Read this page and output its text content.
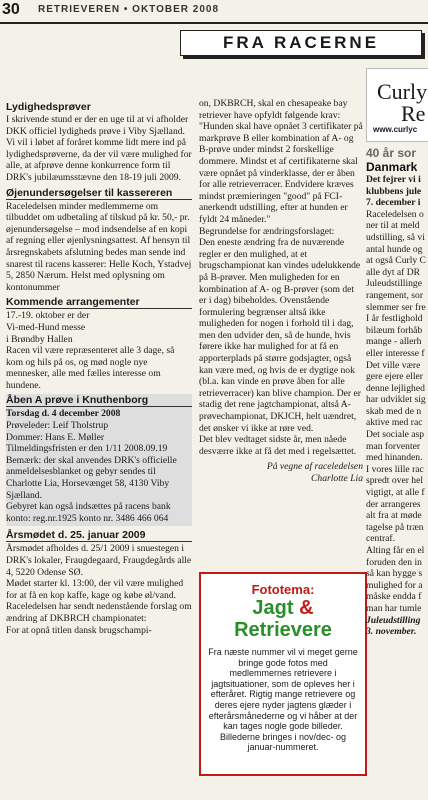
30 RETRIEVEREN • OKTOBER 2008
FRA RACERNE
Lydighedsprøver

I skrivende stund er der en uge til at vi afholder DKK officiel lydigheds prøve i Viby Sjælland.

Vi vil i løbet af foråret komme lidt mere ind på lydighedsprøverne, da der vil være mulighed for alle, at afprøve denne konkurrence form til DRK's jubilæumsstævne den 18-19 juli 2009.

Øjenundersøgelser til kassereren

Raceledelsen minder medlemmerne om tilbuddet om udbetaling af tilskud på kr. 50,- pr. øjenundersøgelse – mod indsendelse af en kopi af regning eller øjenlysningsattest. Af hensyn til årsregnskabets afslutning bedes man sende ind snarest til racens kasserer: Helle Koch, Ystadvej 5, 2850 Nærum. Helst med oplysning om kontonummer

Kommende arrangementer

17.-19. oktober er der

Vi-med-Hund messe

i Brøndby Hallen

Racen vil være repræsenteret alle 3 dage, så kom og hils på os, og mød nogle nye mennesker, alle med fælles interesse om hundene.

Åben A prøve i Knuthenborg

Torsdag d. 4 december 2008

Prøveleder: Leif Tholstrup

Dommer: Hans E. Møller

Tilmeldingsfristen er den 1/11 2008.09.19

Bemærk: der skal anvendes DRK's officielle anmeldelsesblanket og gebyr sendes til Charlotte Lia, Horsevænget 58, 4130 Viby Sjælland.

Gebyret kan også indsættes på racens bank konto: reg.nr.1925 konto nr. 3486 466 064

Årsmødet d. 25. januar 2009

Årsmødet afholdes d. 25/1 2009 i snuestegen i DRK's lokaler, Fraugdegaard, Fraugdegårds alle 4, 5220 Odense SØ.

Mødet starter kl. 13:00, der vil være mulighed for at få en kop kaffe, kage og købe øl/vand.

Raceledelsen har sendt nedenstående forslag om ændring af DKBRCH championatet:

For at opnå titlen dansk brugschampi-

on, DKBRCH, skal en chesapeake bay retriever have opfyldt følgende krav:

"Hunden skal have opnået 3 certifikater på markprøve B eller kombination af A- og B-prøve under mindst 2 forskellige dommere. Mindst et af certifikaterne skal være opnået på vinderklasse, der er åben for alle retrieverracer. Endvidere kræves mindst præmieringen "good" på FCI-anerkendt udstilling, efter at hunden er fyldt 24 måneder."

Begrundelse for ændringsforslaget:

Den eneste ændring fra de nuværende regler er den mulighed, at et brugschampionat kan vindes udelukkende på B-prøver. Men muligheden for en kombination af A- og B-prøver (som det er i dag) bibeholdes. Ovenstående formulering begrænser altså ikke muligheden for nogen i forhold til i dag, men den udvider den, så de hunde, hvis førere ikke har mulighed for at få en apporterplads på større godsjagter, også kan være med, og hvis de er dygtige nok (bl.a. kan vinde en prøve åben for alle retrieverracer) kan blive champion. Der er stadig det rene jagtchampionat, altså A-prøvechampionat, DKJCH, helt uændret, det ønsker vi ikke at røre ved.

Det blev vedtaget sidste år, men nåede desværre ikke at få det med i regelsættet.

På vegne af raceledelsen

Charlotte Lia

Fototema:
Jagt &
Retrievere
Fra næste nummer vil vi meget gerne bringe gode fotos med medlemmernes retrievere i jagtsituationer, som de opleves her i efteråret. Rigtig mange retrievere og deres ejere nyder jagtens glæder i efterårsmånederne og vi håber at der kan tages nogle gode billeder. Billederne bringes i nov/dec- og januar-nummeret.
Curly
Re
www.curlyc
40 år sor
Danmark

Det fejrer vi i

klubbens jule

7. december i

Raceledelsen o

ner til at meld

udstilling, så vi

antal hunde og

at også Curly C

alle dyt af DR

Juleudstillinge

rangement, sor

slemmer ser fre

I år festlighold

bilæum forhåb

mange - allerh

eller interesse f

Det ville være

gere ejere eller

denne lejlighed

har udviklet sig

skab med de n

aktive med rac

Det sociale asp

man forventer

med hinanden.

I vores lille rac

spredt over hel

vigtigt, at alle f

der arrangeres

alt fra at møde

tagelse på træn

centraf.

Alting får en el

foruden den in

så kan hygge s

mulighed for a

måske endda f

man har tumle

Juleudstilling

3. november.
